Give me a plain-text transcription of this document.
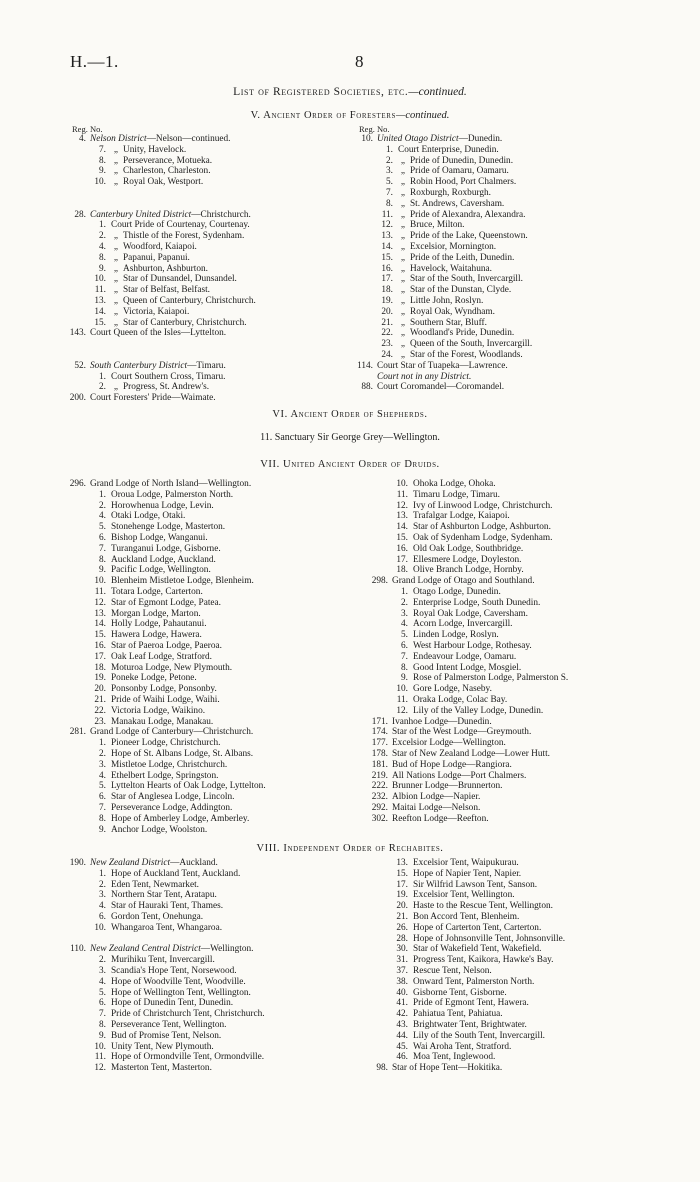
H.—1.	8
List of Registered Societies, etc.—continued.
V. Ancient Order of Foresters—continued.
Reg. No.
4. Nelson District —Nelson—continued.
7. „ Unity, Havelock.
8. „ Perseverance, Motueka.
9. „ Charleston, Charleston.
10. „ Royal Oak, Westport.
28. Canterbury United District —Christchurch.
1. Court Pride of Courtenay, Courtenay.
2. „ Thistle of the Forest, Sydenham.
4. „ Woodford, Kaiapoi.
8. „ Papanui, Papanui.
9. „ Ashburton, Ashburton.
10. „ Star of Dunsandel, Dunsandel.
11. „ Star of Belfast, Belfast.
13. „ Queen of Canterbury, Christchurch.
14. „ Victoria, Kaiapoi.
15. „ Star of Canterbury, Christchurch.
143. Court Queen of the Isles—Lyttelton.
52. South Canterbury District —Timaru.
1. Court Southern Cross, Timaru.
2. „ Progress, St. Andrew's.
200. Court Foresters' Pride—Waimate.
Reg. No.
10. United Otago District —Dunedin.
1. Court Enterprise, Dunedin.
2. „ Pride of Dunedin, Dunedin.
3. „ Pride of Oamaru, Oamaru.
5. „ Robin Hood, Port Chalmers.
7. „ Roxburgh, Roxburgh.
8. „ St. Andrews, Caversham.
11. „ Pride of Alexandra, Alexandra.
12. „ Bruce, Milton.
13. „ Pride of the Lake, Queenstown.
14. „ Excelsior, Mornington.
15. „ Pride of the Leith, Dunedin.
16. „ Havelock, Waitahuna.
17. „ Star of the South, Invercargill.
18. „ Star of the Dunstan, Clyde.
19. „ Little John, Roslyn.
20. „ Royal Oak, Wyndham.
21. „ Southern Star, Bluff.
22. „ Woodland's Pride, Dunedin.
23. „ Queen of the South, Invercargill.
24. „ Star of the Forest, Woodlands.
114. Court Star of Tuapeka—Lawrence.
Court not in any District.
88. Court Coromandel—Coromandel.
VI. Ancient Order of Shepherds.
11. Sanctuary Sir George Grey—Wellington.
VII. United Ancient Order of Druids.
296. Grand Lodge of North Island—Wellington.
1. Oroua Lodge, Palmerston North.
2. Horowhenua Lodge, Levin.
4. Otaki Lodge, Otaki.
5. Stonehenge Lodge, Masterton.
6. Bishop Lodge, Wanganui.
7. Turanganui Lodge, Gisborne.
8. Auckland Lodge, Auckland.
9. Pacific Lodge, Wellington.
10. Blenheim Mistletoe Lodge, Blenheim.
11. Totara Lodge, Carterton.
12. Star of Egmont Lodge, Patea.
13. Morgan Lodge, Marton.
14. Holly Lodge, Pahautanui.
15. Hawera Lodge, Hawera.
16. Star of Paeroa Lodge, Paeroa.
17. Oak Leaf Lodge, Stratford.
18. Moturoa Lodge, New Plymouth.
19. Poneke Lodge, Petone.
20. Ponsonby Lodge, Ponsonby.
21. Pride of Waihi Lodge, Waihi.
22. Victoria Lodge, Waikino.
23. Manakau Lodge, Manakau.
281. Grand Lodge of Canterbury—Christchurch.
1. Pioneer Lodge, Christchurch.
2. Hope of St. Albans Lodge, St. Albans.
3. Mistletoe Lodge, Christchurch.
4. Ethelbert Lodge, Springston.
5. Lyttelton Hearts of Oak Lodge, Lyttelton.
6. Star of Anglesea Lodge, Lincoln.
7. Perseverance Lodge, Addington.
8. Hope of Amberley Lodge, Amberley.
9. Anchor Lodge, Woolston.
10. Ohoka Lodge, Ohoka.
11. Timaru Lodge, Timaru.
12. Ivy of Linwood Lodge, Christchurch.
13. Trafalgar Lodge, Kaiapoi.
14. Star of Ashburton Lodge, Ashburton.
15. Oak of Sydenham Lodge, Sydenham.
16. Old Oak Lodge, Southbridge.
17. Ellesmere Lodge, Doyleston.
18. Olive Branch Lodge, Hornby.
298. Grand Lodge of Otago and Southland.
1. Otago Lodge, Dunedin.
2. Enterprise Lodge, South Dunedin.
3. Royal Oak Lodge, Caversham.
4. Acorn Lodge, Invercargill.
5. Linden Lodge, Roslyn.
6. West Harbour Lodge, Rothesay.
7. Endeavour Lodge, Oamaru.
8. Good Intent Lodge, Mosgiel.
9. Rose of Palmerston Lodge, Palmerston S.
10. Gore Lodge, Naseby.
11. Oraka Lodge, Colac Bay.
12. Lily of the Valley Lodge, Dunedin.
171. Ivanhoe Lodge—Dunedin.
174. Star of the West Lodge—Greymouth.
177. Excelsior Lodge—Wellington.
178. Star of New Zealand Lodge—Lower Hutt.
181. Bud of Hope Lodge—Rangiora.
219. All Nations Lodge—Port Chalmers.
222. Brunner Lodge—Brunnerton.
232. Albion Lodge—Napier.
292. Maitai Lodge—Nelson.
302. Reefton Lodge—Reefton.
VIII. Independent Order of Rechabites.
190. New Zealand District —Auckland.
1. Hope of Auckland Tent, Auckland.
2. Eden Tent, Newmarket.
3. Northern Star Tent, Aratapu.
4. Star of Hauraki Tent, Thames.
6. Gordon Tent, Onehunga.
10. Whangaroa Tent, Whangaroa.
110. New Zealand Central District —Wellington.
2. Murihiku Tent, Invercargill.
3. Scandia's Hope Tent, Norsewood.
4. Hope of Woodville Tent, Woodville.
5. Hope of Wellington Tent, Wellington.
6. Hope of Dunedin Tent, Dunedin.
7. Pride of Christchurch Tent, Christchurch.
8. Perseverance Tent, Wellington.
9. Bud of Promise Tent, Nelson.
10. Unity Tent, New Plymouth.
11. Hope of Ormondville Tent, Ormondville.
12. Masterton Tent, Masterton.
13. Excelsior Tent, Waipukurau.
15. Hope of Napier Tent, Napier.
17. Sir Wilfrid Lawson Tent, Sanson.
19. Excelsior Tent, Wellington.
20. Haste to the Rescue Tent, Wellington.
21. Bon Accord Tent, Blenheim.
26. Hope of Carterton Tent, Carterton.
28. Hope of Johnsonville Tent, Johnsonville.
30. Star of Wakefield Tent, Wakefield.
31. Progress Tent, Kaikora, Hawke's Bay.
37. Rescue Tent, Nelson.
38. Onward Tent, Palmerston North.
40. Gisborne Tent, Gisborne.
41. Pride of Egmont Tent, Hawera.
42. Pahiatua Tent, Pahiatua.
43. Brightwater Tent, Brightwater.
44. Lily of the South Tent, Invercargill.
45. Wai Aroha Tent, Stratford.
46. Moa Tent, Inglewood.
98. Star of Hope Tent—Hokitika.
